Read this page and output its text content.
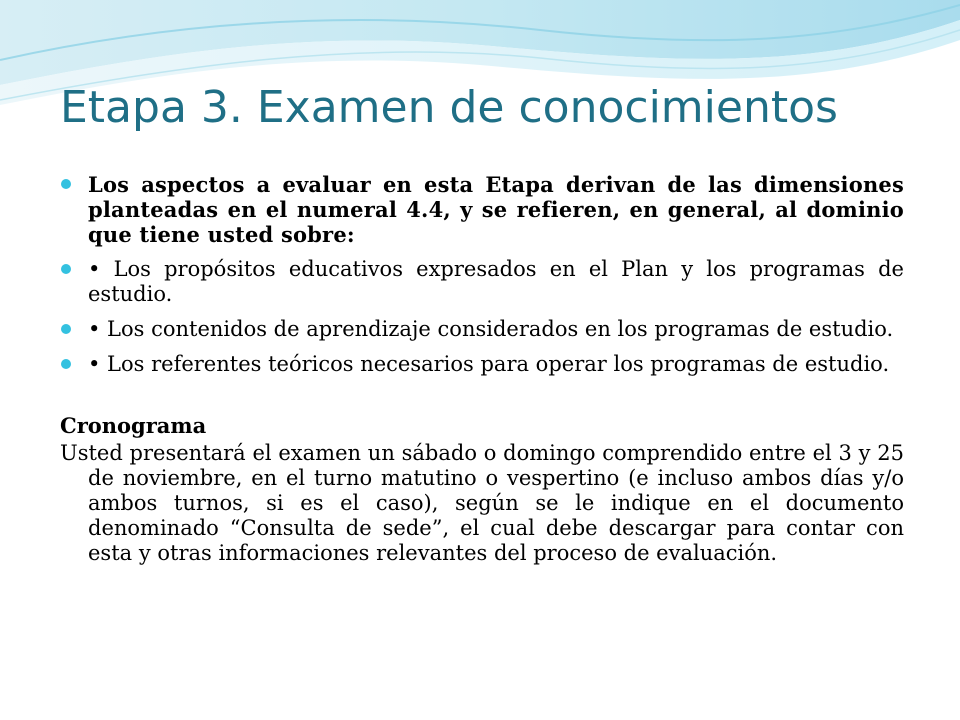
Etapa 3. Examen de conocimientos
Los aspectos a evaluar en esta Etapa derivan de las dimensiones planteadas en el numeral 4.4, y se refieren, en general, al dominio que tiene usted sobre:
• Los propósitos educativos expresados en el Plan y los programas de estudio.
• Los contenidos de aprendizaje considerados en los programas de estudio.
• Los referentes teóricos necesarios para operar los programas de estudio.
Cronograma

Usted presentará el examen un sábado o domingo comprendido entre el 3 y 25 de noviembre, en el turno matutino o vespertino (e incluso ambos días y/o ambos turnos, si es el caso), según se le indique en el documento denominado “Consulta de sede”, el cual debe descargar para contar con esta y otras informaciones relevantes del proceso de evaluación.
